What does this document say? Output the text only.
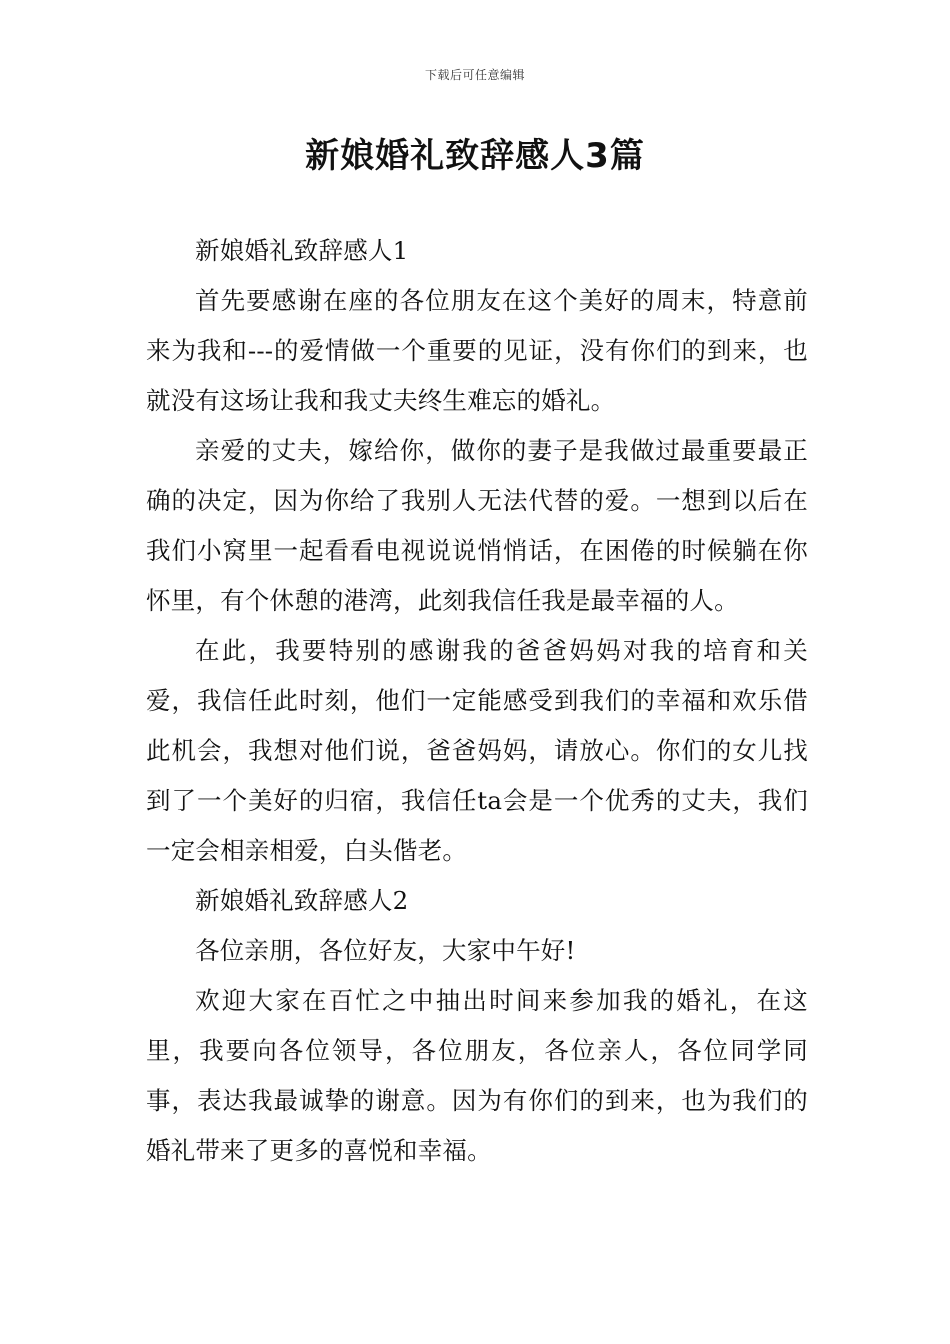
下载后可任意编辑
新娘婚礼致辞感人3篇

新娘婚礼致辞感人1

首先要感谢在座的各位朋友在这个美好的周末，特意前来为我和---的爱情做一个重要的见证，没有你们的到来，也就没有这场让我和我丈夫终生难忘的婚礼。

亲爱的丈夫，嫁给你，做你的妻子是我做过最重要最正确的决定，因为你给了我别人无法代替的爱。一想到以后在我们小窝里一起看看电视说说悄悄话，在困倦的时候躺在你怀里，有个休憩的港湾，此刻我信任我是最幸福的人。

在此，我要特别的感谢我的爸爸妈妈对我的培育和关爱，我信任此时刻，他们一定能感受到我们的幸福和欢乐借此机会，我想对他们说，爸爸妈妈，请放心。你们的女儿找到了一个美好的归宿，我信任ta会是一个优秀的丈夫，我们一定会相亲相爱，白头偕老。

新娘婚礼致辞感人2

各位亲朋，各位好友，大家中午好!

欢迎大家在百忙之中抽出时间来参加我的婚礼，在这里，我要向各位领导，各位朋友，各位亲人，各位同学同事，表达我最诚挚的谢意。因为有你们的到来，也为我们的婚礼带来了更多的喜悦和幸福。
